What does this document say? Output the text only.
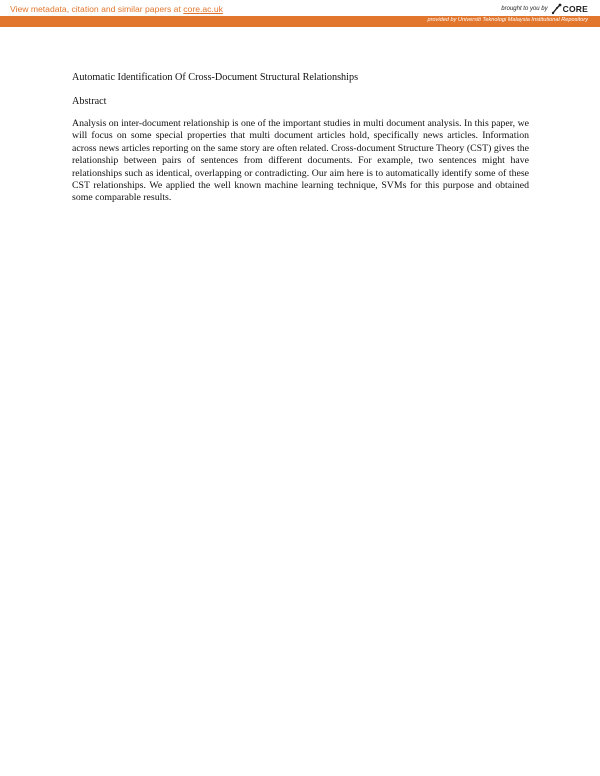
View metadata, citation and similar papers at core.ac.uk	brought to you by CORE
provided by Universiti Teknologi Malaysia Institutional Repository

Automatic Identification Of Cross-Document Structural Relationships

Abstract

Analysis on inter-document relationship is one of the important studies in multi document analysis. In this paper, we will focus on some special properties that multi document articles hold, specifically news articles. Information across news articles reporting on the same story are often related. Cross-document Structure Theory (CST) gives the relationship between pairs of sentences from different documents. For example, two sentences might have relationships such as identical, overlapping or contradicting. Our aim here is to automatically identify some of these CST relationships. We applied the well known machine learning technique, SVMs for this purpose and obtained some comparable results.
